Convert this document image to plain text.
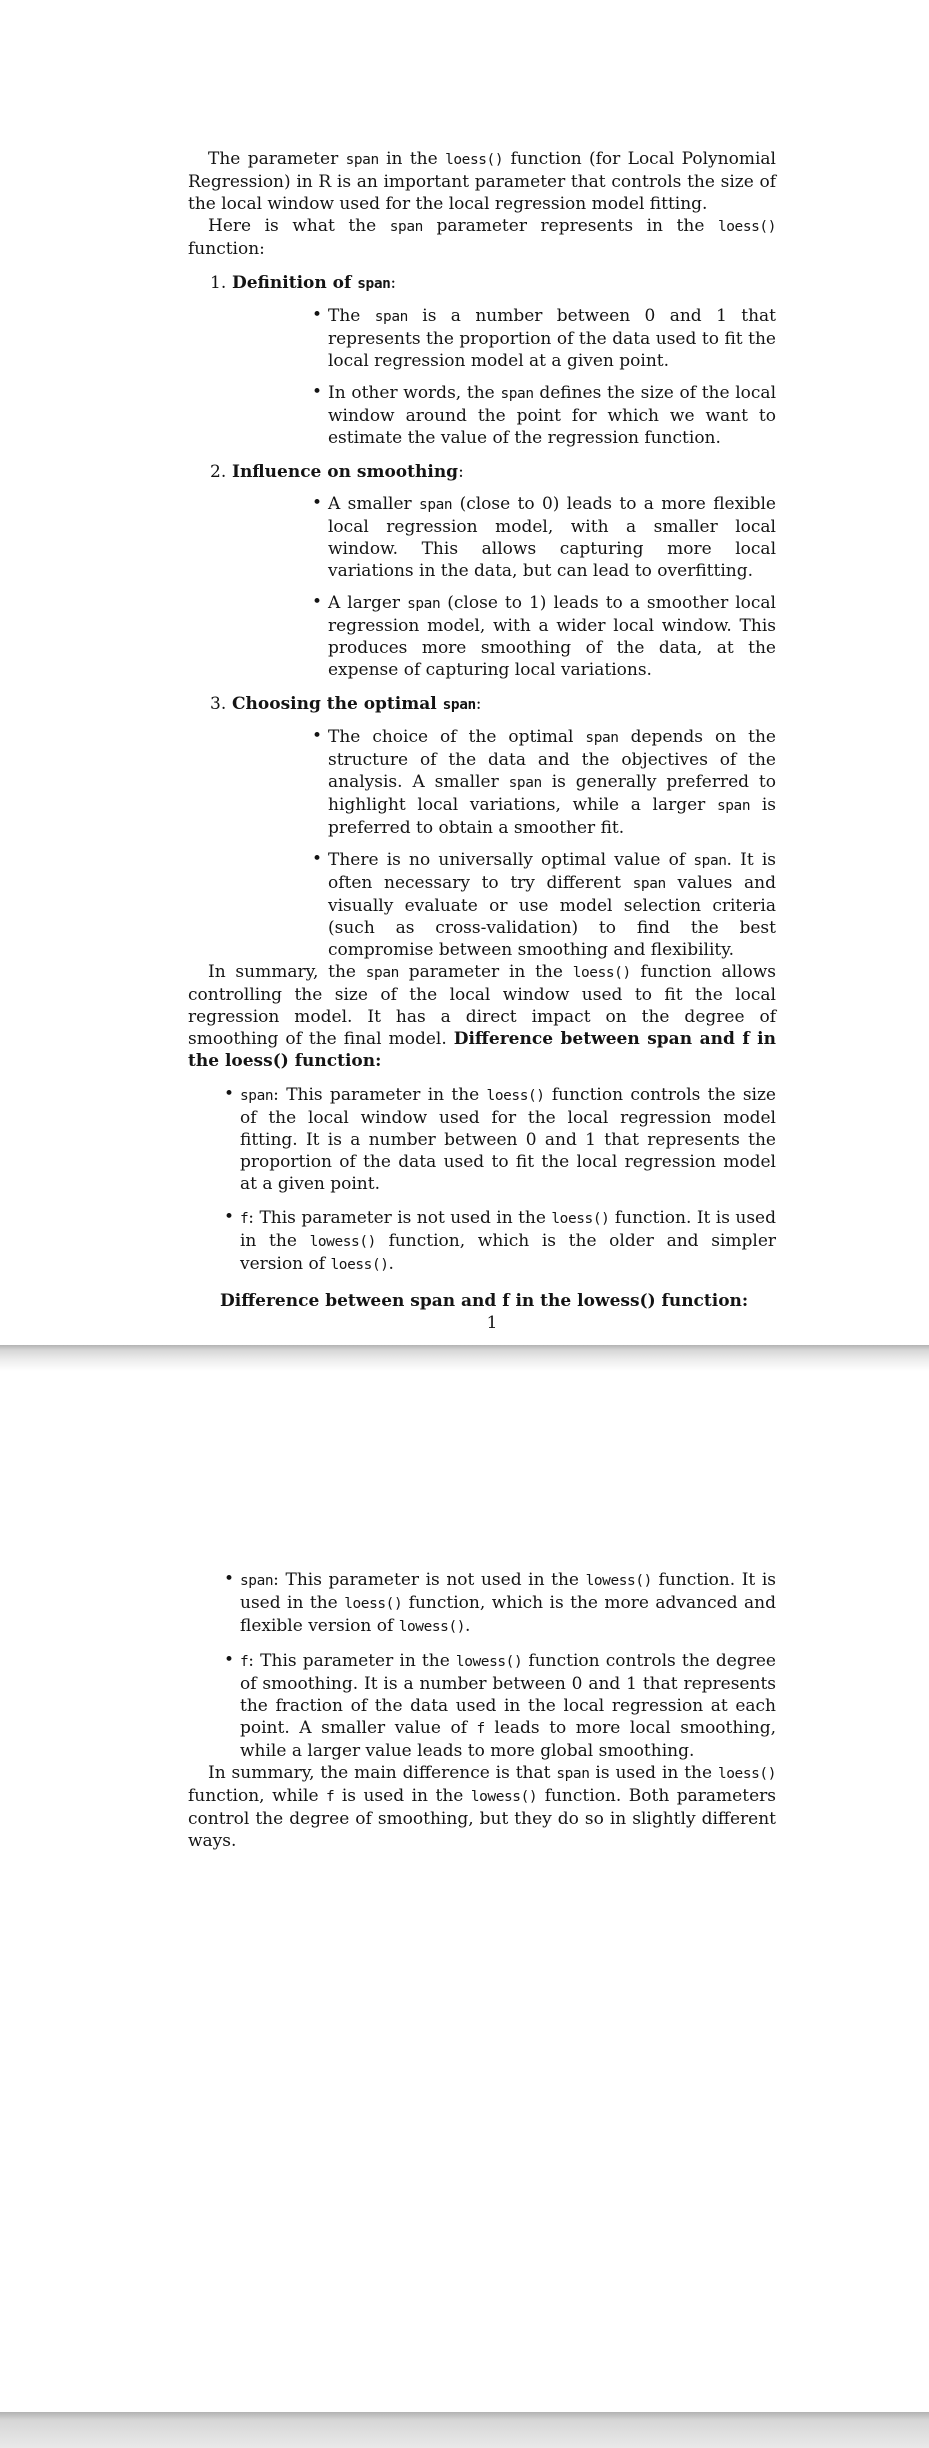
The parameter span in the loess() function (for Local Polynomial Regression) in R is an important parameter that controls the size of the local window used for the local regression model fitting.

Here is what the span parameter represents in the loess() function:

1. Definition of span:

• The span is a number between 0 and 1 that represents the proportion of the data used to fit the local regression model at a given point.
• In other words, the span defines the size of the local window around the point for which we want to estimate the value of the regression function.
2. Influence on smoothing:

• A smaller span (close to 0) leads to a more flexible local regression model, with a smaller local window. This allows capturing more local variations in the data, but can lead to overfitting.
• A larger span (close to 1) leads to a smoother local regression model, with a wider local window. This produces more smoothing of the data, at the expense of capturing local variations.
3. Choosing the optimal span:

• The choice of the optimal span depends on the structure of the data and the objectives of the analysis. A smaller span is generally preferred to highlight local variations, while a larger span is preferred to obtain a smoother fit.
• There is no universally optimal value of span. It is often necessary to try different span values and visually evaluate or use model selection criteria (such as cross-validation) to find the best compromise between smoothing and flexibility.

In summary, the span parameter in the loess() function allows controlling the size of the local window used to fit the local regression model. It has a direct impact on the degree of smoothing of the final model. Difference between span and f in the loess() function:

• span: This parameter in the loess() function controls the size of the local window used for the local regression model fitting. It is a number between 0 and 1 that represents the proportion of the data used to fit the local regression model at a given point.
• f: This parameter is not used in the loess() function. It is used in the lowess() function, which is the older and simpler version of loess().

Difference between span and f in the lowess() function:

1

• span: This parameter is not used in the lowess() function. It is used in the loess() function, which is the more advanced and flexible version of lowess().
• f: This parameter in the lowess() function controls the degree of smoothing. It is a number between 0 and 1 that represents the fraction of the data used in the local regression at each point. A smaller value of f leads to more local smoothing, while a larger value leads to more global smoothing.

In summary, the main difference is that span is used in the loess() function, while f is used in the lowess() function. Both parameters control the degree of smoothing, but they do so in slightly different ways.
